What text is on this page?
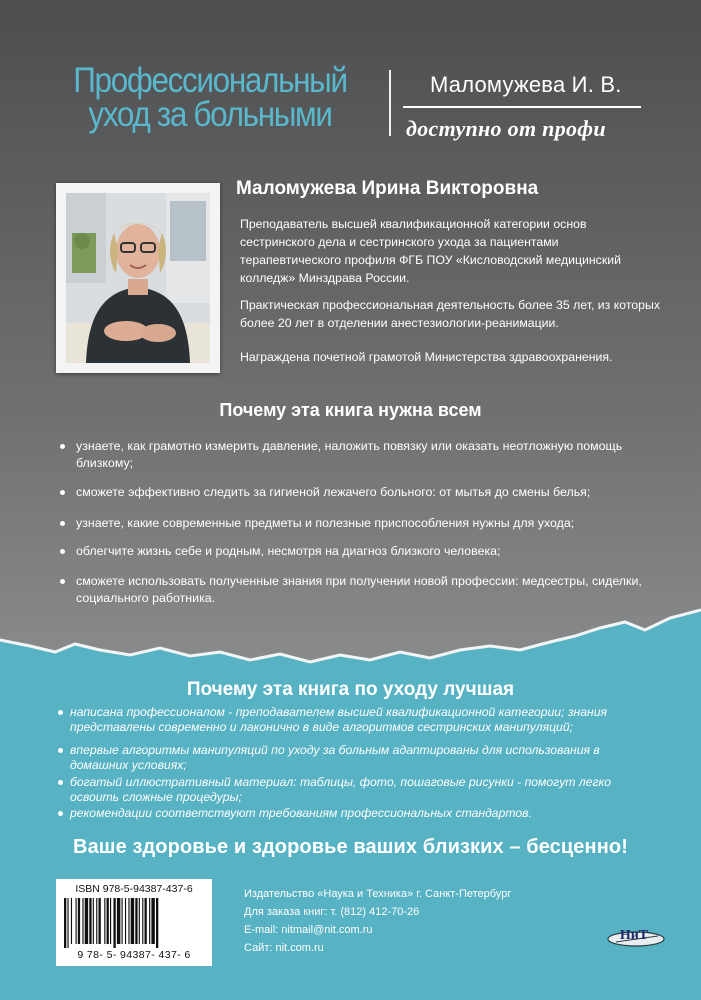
Профессиональный
уход за больными
Маломужева И. В.
доступно от профи
Маломужева Ирина Викторовна

Преподаватель высшей квалификационной категории основ сестринского дела и сестринского ухода за пациентами терапевтического профиля ФГБ ПОУ «Кисловодский медицинский колледж» Минздрава России.

Практическая профессиональная деятельность более 35 лет, из которых более 20 лет в отделении анестезиологии-реанимации.

Награждена почетной грамотой Министерства здравоохранения.

Почему эта книга нужна всем
узнаете, как грамотно измерить давление, наложить повязку или оказать неотложную помощь близкому;
сможете эффективно следить за гигиеной лежачего больного: от мытья до смены белья;
узнаете, какие современные предметы и полезные приспособления нужны для ухода;
облегчите жизнь себе и родным, несмотря на диагноз близкого человека;
сможете использовать полученные знания при получении новой профессии: медсестры, сиделки, социального работника.
Почему эта книга по уходу лучшая
написана профессионалом - преподавателем высшей квалификационной категории; знания представлены современно и лаконично в виде алгоритмов сестринских манипуляций;
впервые алгоритмы манипуляций по уходу за больным адаптированы для использования в домашних условиях;
богатый иллюстративный материал: таблицы, фото, пошаговые рисунки - помогут легко освоить сложные процедуры;
рекомендации соответствуют требованиям профессиональных стандартов.
Ваше здоровье и здоровье ваших близких – бесценно!
ISBN 978-5-94387-437-6
9 78- 5- 94387- 437- 6
Издательство «Наука и Техника» г. Санкт-Петербург
Для заказа книг: т. (812) 412-70-26
E-mail: nitmail@nit.com.ru
Сайт: nit.com.ru
НиТ
